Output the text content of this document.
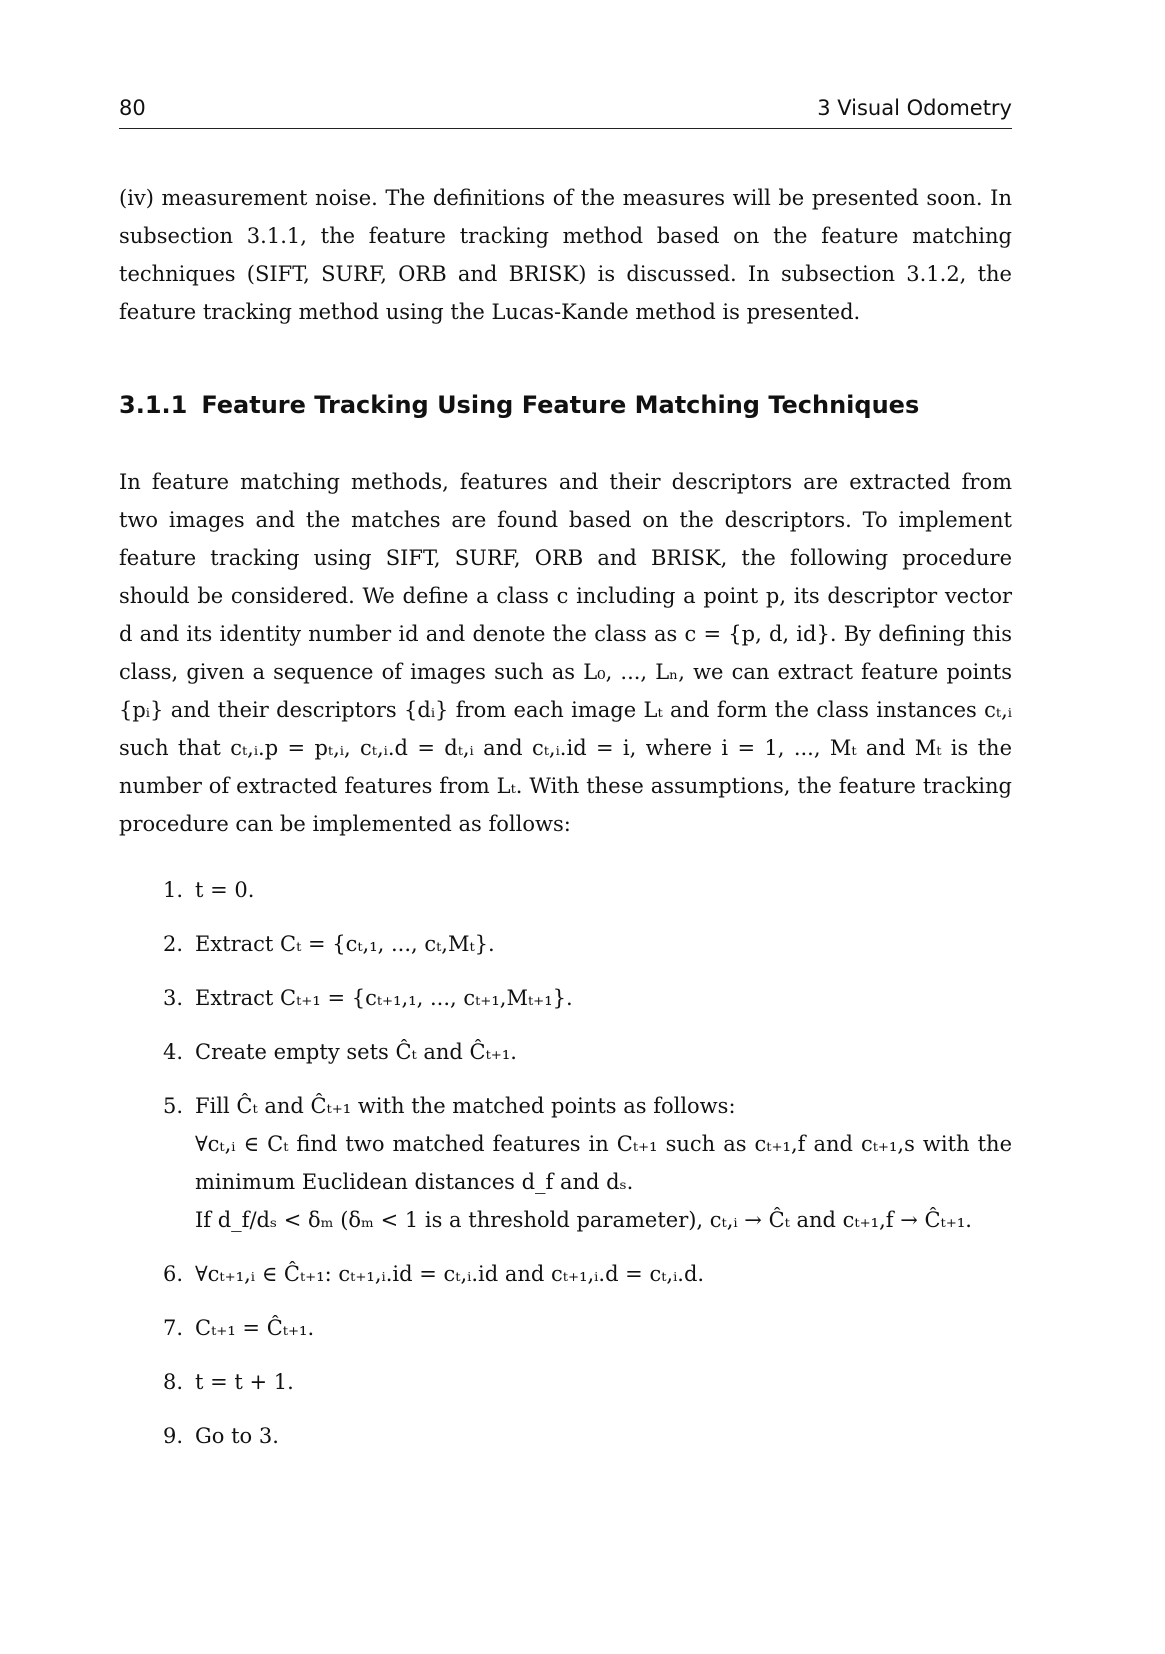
80	3 Visual Odometry

(iv) measurement noise. The definitions of the measures will be presented soon. In subsection 3.1.1, the feature tracking method based on the feature matching techniques (SIFT, SURF, ORB and BRISK) is discussed. In subsection 3.1.2, the feature tracking method using the Lucas-Kande method is presented.

3.1.1 Feature Tracking Using Feature Matching Techniques

In feature matching methods, features and their descriptors are extracted from two images and the matches are found based on the descriptors. To implement feature tracking using SIFT, SURF, ORB and BRISK, the following procedure should be considered. We define a class c including a point p, its descriptor vector d and its identity number id and denote the class as c = {p, d, id}. By defining this class, given a sequence of images such as L₀, ..., Lₙ, we can extract feature points {pᵢ} and their descriptors {dᵢ} from each image Lₜ and form the class instances cₜ,ᵢ such that cₜ,ᵢ.p = pₜ,ᵢ, cₜ,ᵢ.d = dₜ,ᵢ and cₜ,ᵢ.id = i, where i = 1, ..., Mₜ and Mₜ is the number of extracted features from Lₜ. With these assumptions, the feature tracking procedure can be implemented as follows:

1. t = 0.

2. Extract Cₜ = {cₜ,₁, ..., cₜ,Mₜ}.

3. Extract Cₜ₊₁ = {cₜ₊₁,₁, ..., cₜ₊₁,Mₜ₊₁}.

4. Create empty sets Ĉₜ and Ĉₜ₊₁.

5. Fill Ĉₜ and Ĉₜ₊₁ with the matched points as follows:

∀cₜ,ᵢ ∈ Cₜ find two matched features in Cₜ₊₁ such as cₜ₊₁,f and cₜ₊₁,s with the minimum Euclidean distances d_f and dₛ.

If d_f/dₛ < δₘ (δₘ < 1 is a threshold parameter), cₜ,ᵢ → Ĉₜ and cₜ₊₁,f → Ĉₜ₊₁.

6. ∀cₜ₊₁,ᵢ ∈ Ĉₜ₊₁: cₜ₊₁,ᵢ.id = cₜ,ᵢ.id and cₜ₊₁,ᵢ.d = cₜ,ᵢ.d.

7. Cₜ₊₁ = Ĉₜ₊₁.

8. t = t + 1.

9. Go to 3.
